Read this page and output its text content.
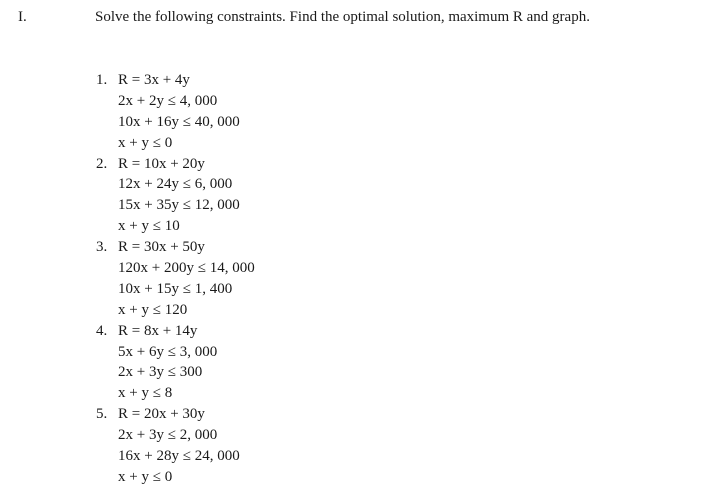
I.	Solve the following constraints. Find the optimal solution, maximum R and graph.
1. R = 3x + 4y
2x + 2y ≤ 4, 000
10x + 16y ≤ 40, 000
x + y ≤ 0
2. R = 10x + 20y
12x + 24y ≤ 6, 000
15x + 35y ≤ 12, 000
x + y ≤ 10
3. R = 30x + 50y
120x + 200y ≤ 14, 000
10x + 15y ≤ 1, 400
x + y ≤ 120
4. R = 8x + 14y
5x + 6y ≤ 3, 000
2x + 3y ≤ 300
x + y ≤ 8
5. R = 20x + 30y
2x + 3y ≤ 2, 000
16x + 28y ≤ 24, 000
x + y ≤ 0
